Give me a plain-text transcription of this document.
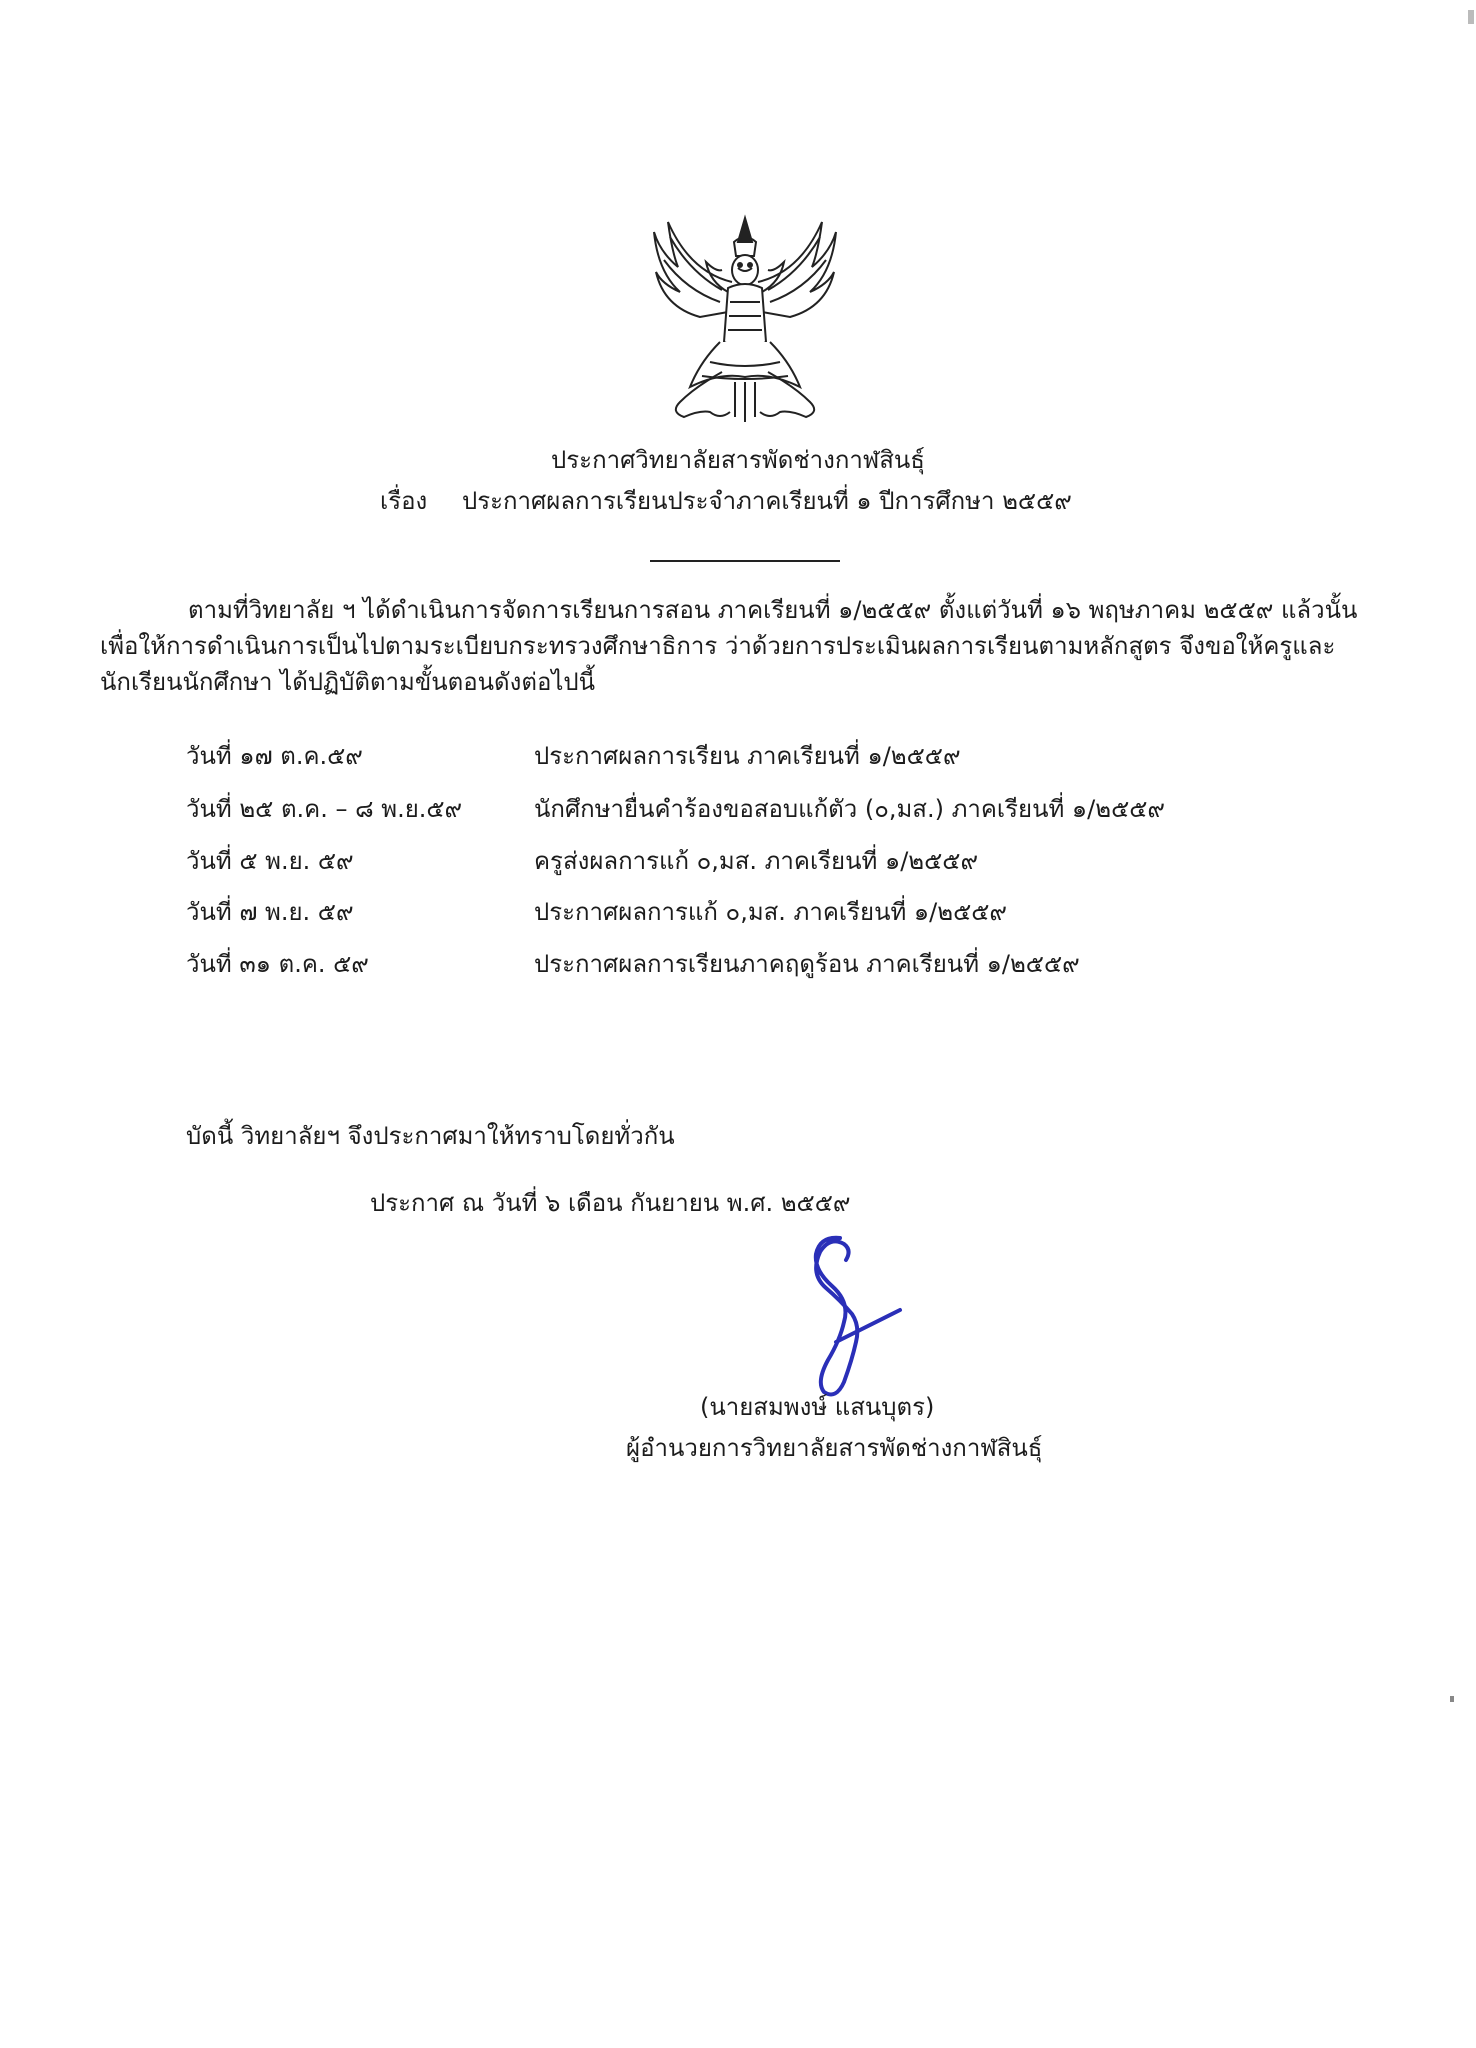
ประกาศวิทยาลัยสารพัดช่างกาฬสินธุ์
เรื่อง ประกาศผลการเรียนประจำภาคเรียนที่ ๑ ปีการศึกษา ๒๕๕๙
ตามที่วิทยาลัย ฯ ได้ดำเนินการจัดการเรียนการสอน ภาคเรียนที่ ๑/๒๕๕๙ ตั้งแต่วันที่ ๑๖ พฤษภาคม ๒๕๕๙ แล้วนั้น เพื่อให้การดำเนินการเป็นไปตามระเบียบกระทรวงศึกษาธิการ ว่าด้วยการประเมินผลการเรียนตามหลักสูตร จึงขอให้ครูและนักเรียนนักศึกษา ได้ปฏิบัติตามขั้นตอนดังต่อไปนี้
วันที่ ๑๗ ต.ค.๕๙	ประกาศผลการเรียน ภาคเรียนที่ ๑/๒๕๕๙
วันที่ ๒๕ ต.ค. – ๘ พ.ย.๕๙	นักศึกษายื่นคำร้องขอสอบแก้ตัว (๐,มส.) ภาคเรียนที่ ๑/๒๕๕๙
วันที่ ๕ พ.ย. ๕๙	ครูส่งผลการแก้ ๐,มส. ภาคเรียนที่ ๑/๒๕๕๙
วันที่ ๗ พ.ย. ๕๙	ประกาศผลการแก้ ๐,มส. ภาคเรียนที่ ๑/๒๕๕๙
วันที่ ๓๑ ต.ค. ๕๙	ประกาศผลการเรียนภาคฤดูร้อน ภาคเรียนที่ ๑/๒๕๕๙
บัดนี้ วิทยาลัยฯ จึงประกาศมาให้ทราบโดยทั่วกัน
ประกาศ ณ วันที่ ๖ เดือน กันยายน พ.ศ. ๒๕๕๙
(นายสมพงษ์ แสนบุตร)
ผู้อำนวยการวิทยาลัยสารพัดช่างกาฬสินธุ์
